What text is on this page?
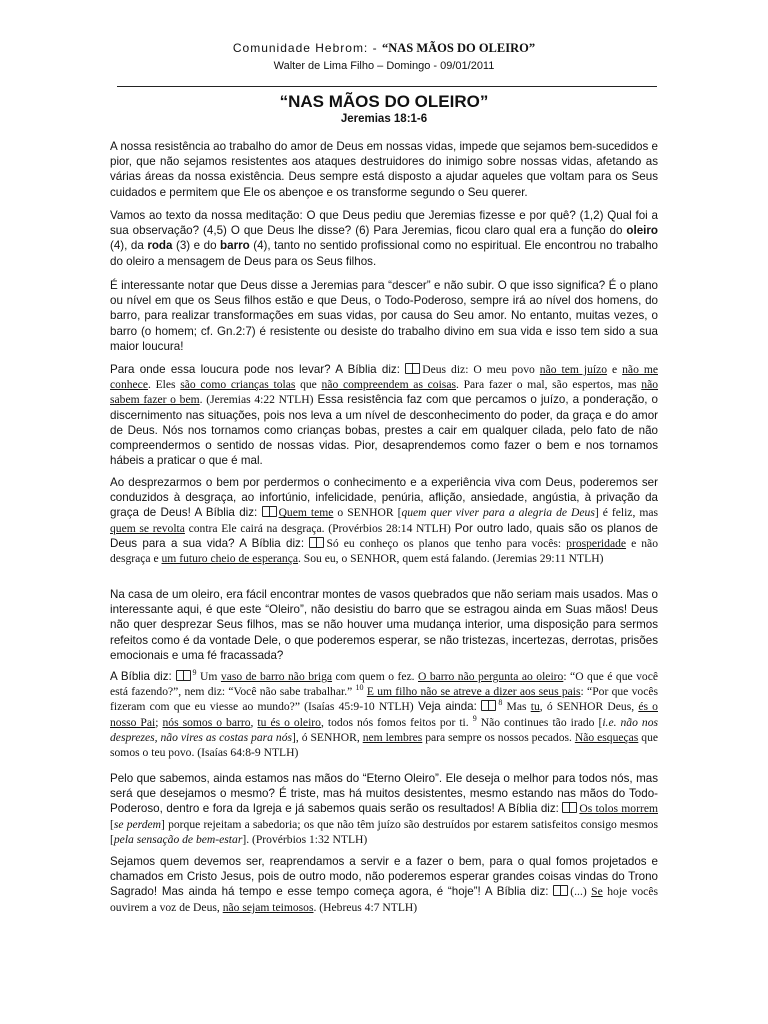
Comunidade Hebrom: - “NAS MÃOS DO OLEIRO”
Walter de Lima Filho – Domingo - 09/01/2011
“NAS MÃOS DO OLEIRO”
Jeremias 18:1-6
A nossa resistência ao trabalho do amor de Deus em nossas vidas, impede que sejamos bem-sucedidos e pior, que não sejamos resistentes aos ataques destruidores do inimigo sobre nossas vidas, afetando as várias áreas da nossa existência. Deus sempre está disposto a ajudar aqueles que voltam para os Seus cuidados e permitem que Ele os abençoe e os transforme segundo o Seu querer.
Vamos ao texto da nossa meditação: O que Deus pediu que Jeremias fizesse e por quê? (1,2) Qual foi a sua observação? (4,5) O que Deus lhe disse? (6) Para Jeremias, ficou claro qual era a função do oleiro (4), da roda (3) e do barro (4), tanto no sentido profissional como no espiritual. Ele encontrou no trabalho do oleiro a mensagem de Deus para os Seus filhos.
É interessante notar que Deus disse a Jeremias para “descer” e não subir. O que isso significa? É o plano ou nível em que os Seus filhos estão e que Deus, o Todo-Poderoso, sempre irá ao nível dos homens, do barro, para realizar transformações em suas vidas, por causa do Seu amor. No entanto, muitas vezes, o barro (o homem; cf. Gn.2:7) é resistente ou desiste do trabalho divino em sua vida e isso tem sido a sua maior loucura!
Para onde essa loucura pode nos levar? A Bíblia diz: Deus diz: O meu povo não tem juízo e não me conhece. Eles são como crianças tolas que não compreendem as coisas. Para fazer o mal, são espertos, mas não sabem fazer o bem. (Jeremias 4:22 NTLH) Essa resistência faz com que percamos o juízo, a ponderação, o discernimento nas situações, pois nos leva a um nível de desconhecimento do poder, da graça e do amor de Deus. Nós nos tornamos como crianças bobas, prestes a cair em qualquer cilada, pelo fato de não compreendermos o sentido de nossas vidas. Pior, desaprendemos como fazer o bem e nos tornamos hábeis a praticar o que é mal.
Ao desprezarmos o bem por perdermos o conhecimento e a experiência viva com Deus, poderemos ser conduzidos à desgraça, ao infortúnio, infelicidade, penúria, aflição, ansiedade, angústia, à privação da graça de Deus! A Bíblia diz: Quem teme o SENHOR [quem quer viver para a alegria de Deus] é feliz, mas quem se revolta contra Ele cairá na desgraça. (Provérbios 28:14 NTLH) Por outro lado, quais são os planos de Deus para a sua vida? A Bíblia diz: Só eu conheço os planos que tenho para vocês: prosperidade e não desgraça e um futuro cheio de esperança. Sou eu, o SENHOR, quem está falando. (Jeremias 29:11 NTLH)
Na casa de um oleiro, era fácil encontrar montes de vasos quebrados que não seriam mais usados. Mas o interessante aqui, é que este “Oleiro”, não desistiu do barro que se estragou ainda em Suas mãos! Deus não quer desprezar Seus filhos, mas se não houver uma mudança interior, uma disposição para sermos refeitos como é da vontade Dele, o que poderemos esperar, se não tristezas, incertezas, derrotas, prisões emocionais e uma fé fracassada?
A Bíblia diz: $^9$ Um vaso de barro não briga com quem o fez. O barro não pergunta ao oleiro: “O que é que você está fazendo?”, nem diz: “Você não sabe trabalhar.” $^{10}$ E um filho não se atreve a dizer aos seus pais: “Por que vocês fizeram com que eu viesse ao mundo?” (Isaías 45:9-10 NTLH) Veja ainda: $^8$ Mas tu, ó SENHOR Deus, és o nosso Pai; nós somos o barro, tu és o oleiro, todos nós fomos feitos por ti. $^9$ Não continues tão irado [i.e. não nos desprezes, não vires as costas para nós], ó SENHOR, nem lembres para sempre os nossos pecados. Não esqueças que somos o teu povo. (Isaías 64:8-9 NTLH)
Pelo que sabemos, ainda estamos nas mãos do “Eterno Oleiro”. Ele deseja o melhor para todos nós, mas será que desejamos o mesmo? É triste, mas há muitos desistentes, mesmo estando nas mãos do Todo-Poderoso, dentro e fora da Igreja e já sabemos quais serão os resultados! A Bíblia diz: Os tolos morrem [se perdem] porque rejeitam a sabedoria; os que não têm juízo são destruídos por estarem satisfeitos consigo mesmos [pela sensação de bem-estar]. (Provérbios 1:32 NTLH)
Sejamos quem devemos ser, reaprendamos a servir e a fazer o bem, para o qual fomos projetados e chamados em Cristo Jesus, pois de outro modo, não poderemos esperar grandes coisas vindas do Trono Sagrado! Mas ainda há tempo e esse tempo começa agora, é “hoje”! A Bíblia diz: (...) Se hoje vocês ouvirem a voz de Deus, não sejam teimosos. (Hebreus 4:7 NTLH)
